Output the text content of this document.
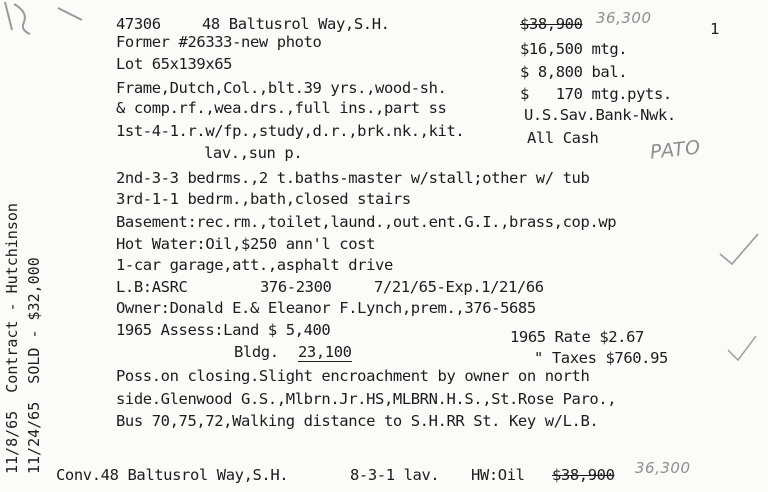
47306	48 Baltusrol Way,S.H.	$38,900 36,300
1
Former #26333-new photo	$16,500 mtg.
Lot 65x139x65	$ 8,800 bal.
Frame,Dutch,Col.,blt.39 yrs.,wood-sh.	$   170 mtg.pyts.
& comp.rf.,wea.drs.,full ins.,part ss	U.S.Sav.Bank-Nwk.
1st-4-1.r.w/fp.,study,d.r.,brk.nk.,kit.	All Cash
lav.,sun p.	PATO
2nd-3-3 bedrms.,2 t.baths-master w/stall;other w/ tub
3rd-1-1 bedrm.,bath,closed stairs
Basement:rec.rm.,toilet,laund.,out.ent.G.I.,brass,cop.wp
Hot Water:Oil,$250 ann'l cost
1-car garage,att.,asphalt drive
L.B:ASRC	376-2300	7/21/65-Exp.1/21/66
Owner:Donald E.& Eleanor F.Lynch,prem.,376-5685
1965 Assess:Land $ 5,400	1965 Rate $2.67
Bldg. 23,100	" Taxes $760.95
Poss.on closing.Slight encroachment by owner on north
side.Glenwood G.S.,Mlbrn.Jr.HS,MLBRN.H.S.,St.Rose Paro.,
Bus 70,75,72,Walking distance to S.H.RR St. Key w/L.B.
11/8/65  Contract - Hutchinson 11/24/65  SOLD - $32,000
Conv.48 Baltusrol Way,S.H.	8-3-1 lav. HW:Oil $38,900 36,300
